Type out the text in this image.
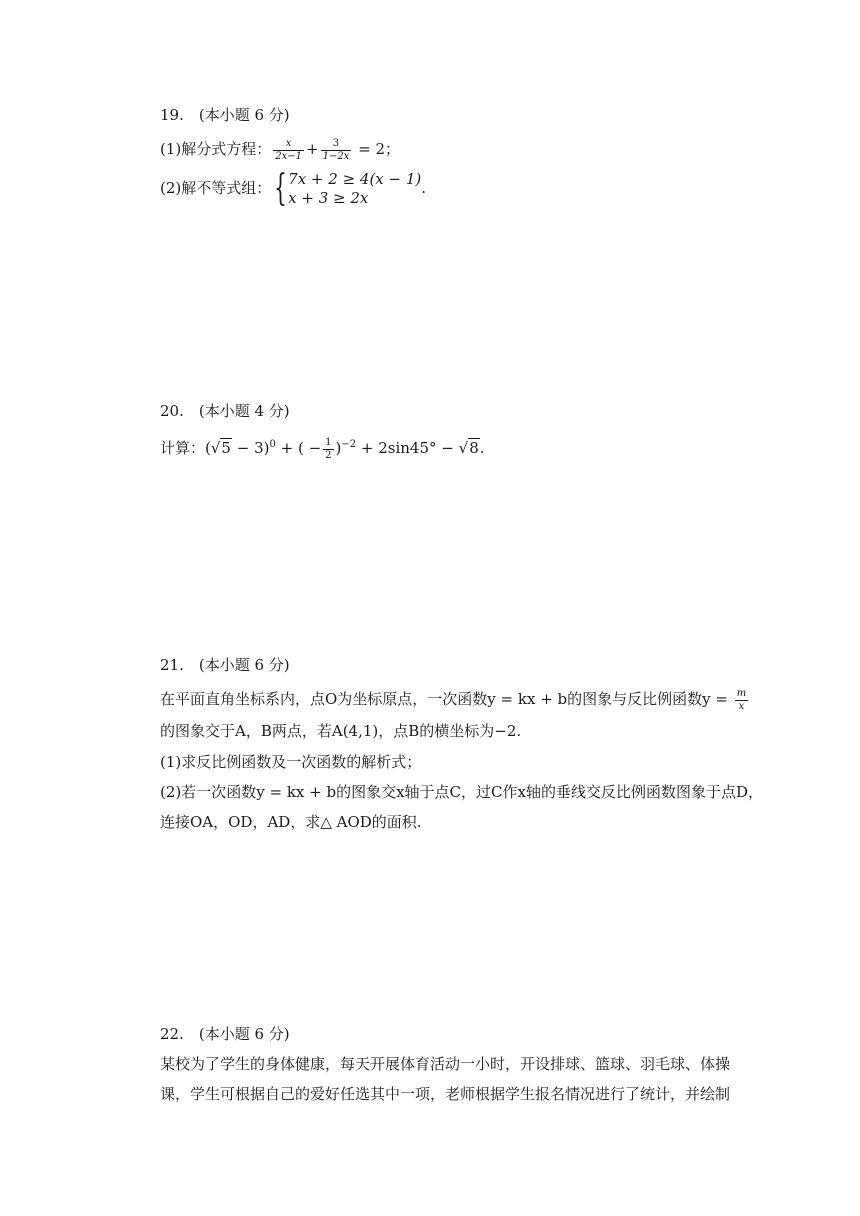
19.　(本小题 6 分)
(1)解分式方程： $\frac{x}{2x-1} + \frac{3}{1-2x} = 2$；
(2)解不等式组：{ 7x + 2 ≥ 4(x − 1)
x + 3 ≥ 2x
.
20.　(本小题 4 分)
计算：$(√5 - 3)^0$ + ( − $\frac{1}{2} )^{-2} + 2\sin 45^\circ - √8$.
21.　(本小题 6 分)
在平面直角坐标系内，点O为坐标原点，一次函数y = kx + b的图象与反比例函数$y = \frac{m}{x}$
的图象交于A，B两点，若A(4,1)，点B的横坐标为−2.
(1)求反比例函数及一次函数的解析式；
(2)若一次函数y = kx + b的图象交x轴于点C，过C作x轴的垂线交反比例函数图象于点D，
连接OA，OD，AD，求△ AOD的面积.
22.　(本小题 6 分)
某校为了学生的身体健康，每天开展体育活动一小时，开设排球、篮球、羽毛球、体操
课，学生可根据自己的爱好任选其中一项，老师根据学生报名情况进行了统计，并绘制
